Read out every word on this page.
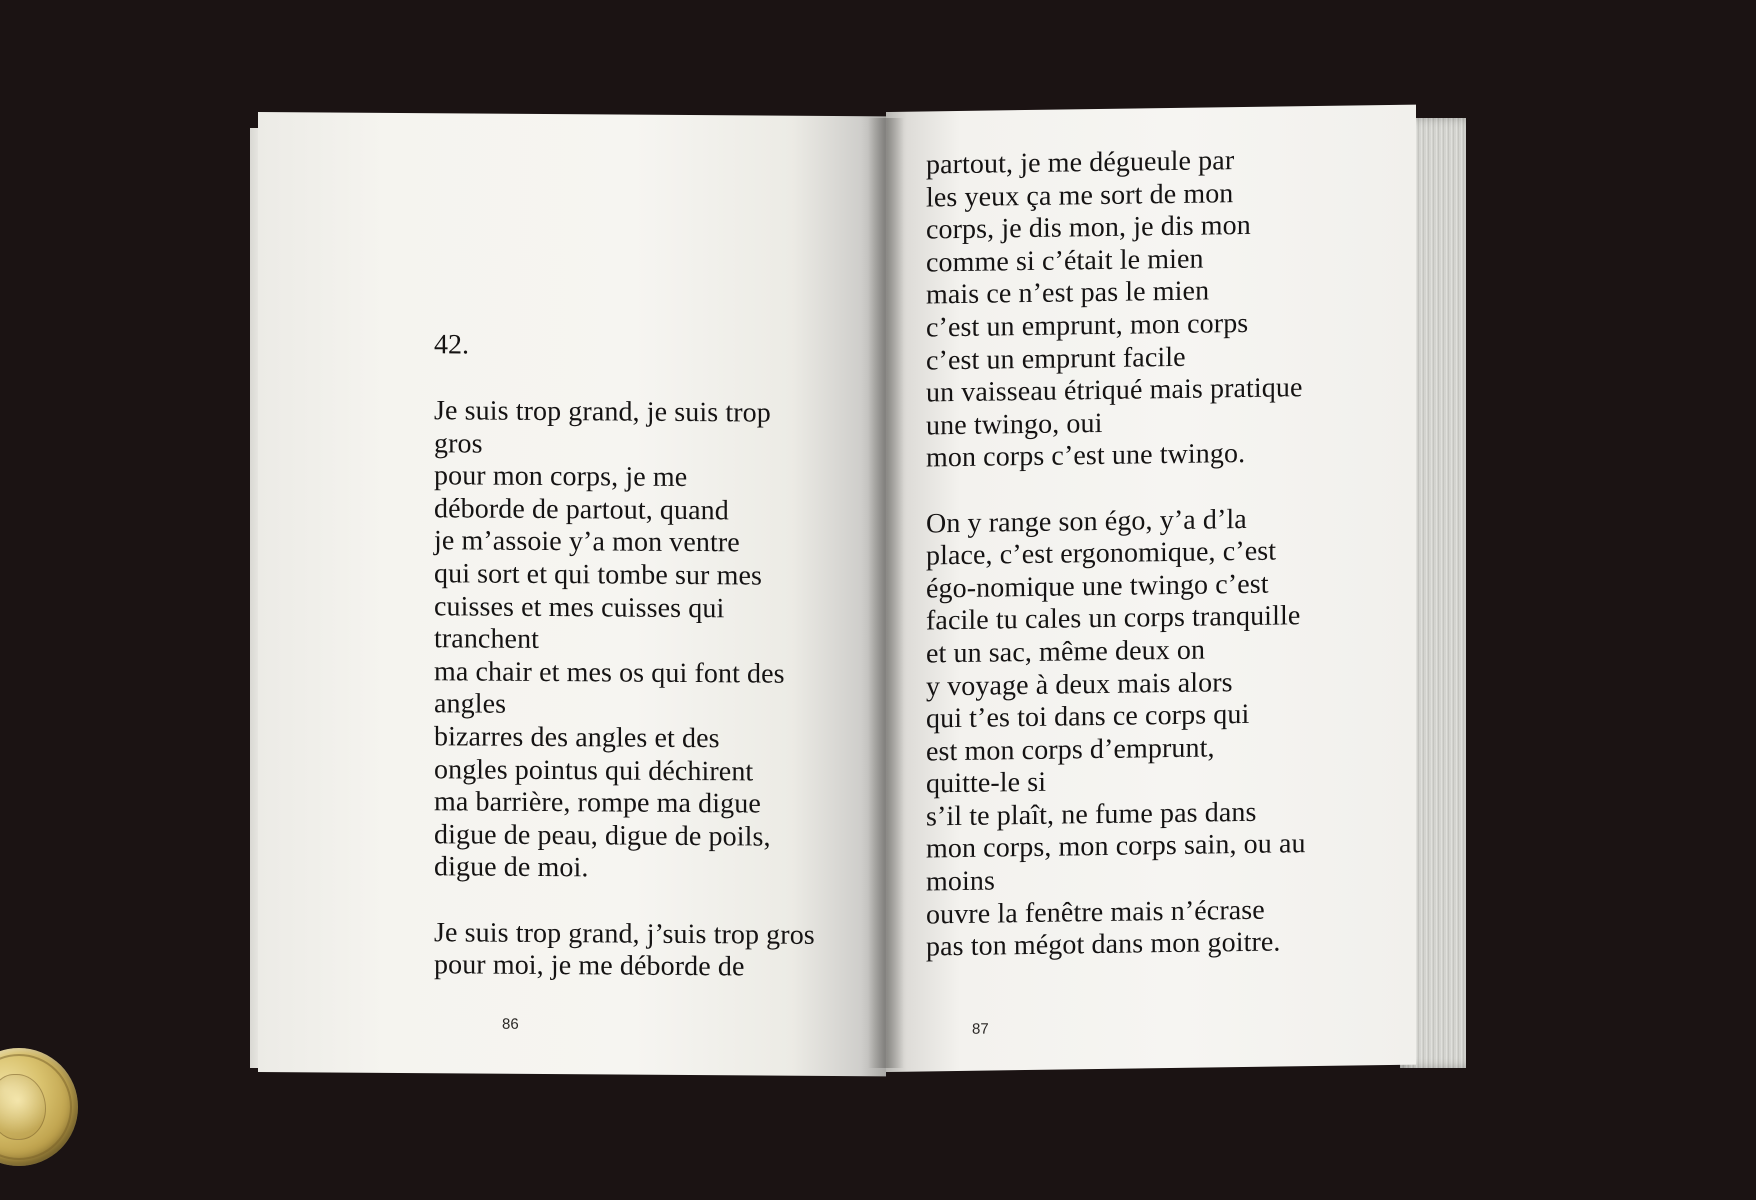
42.
Je suis trop grand, je suis trop
gros
pour mon corps, je me
déborde de partout, quand
je m’assoie y’a mon ventre
qui sort et qui tombe sur mes
cuisses et mes cuisses qui
tranchent
ma chair et mes os qui font des
angles
bizarres des angles et des
ongles pointus qui déchirent
ma barrière, rompe ma digue
digue de peau, digue de poils,
digue de moi.
Je suis trop grand, j’suis trop gros
pour moi, je me déborde de
86
partout, je me dégueule par
les yeux ça me sort de mon
corps, je dis mon, je dis mon
comme si c’était le mien
mais ce n’est pas le mien
c’est un emprunt, mon corps
c’est un emprunt facile
un vaisseau étriqué mais pratique
une twingo, oui
mon corps c’est une twingo.
On y range son égo, y’a d’la
place, c’est ergonomique, c’est
égo-nomique une twingo c’est
facile tu cales un corps tranquille
et un sac, même deux on
y voyage à deux mais alors
qui t’es toi dans ce corps qui
est mon corps d’emprunt,
quitte-le si
s’il te plaît, ne fume pas dans
mon corps, mon corps sain, ou au
moins
ouvre la fenêtre mais n’écrase
pas ton mégot dans mon goitre.
87
